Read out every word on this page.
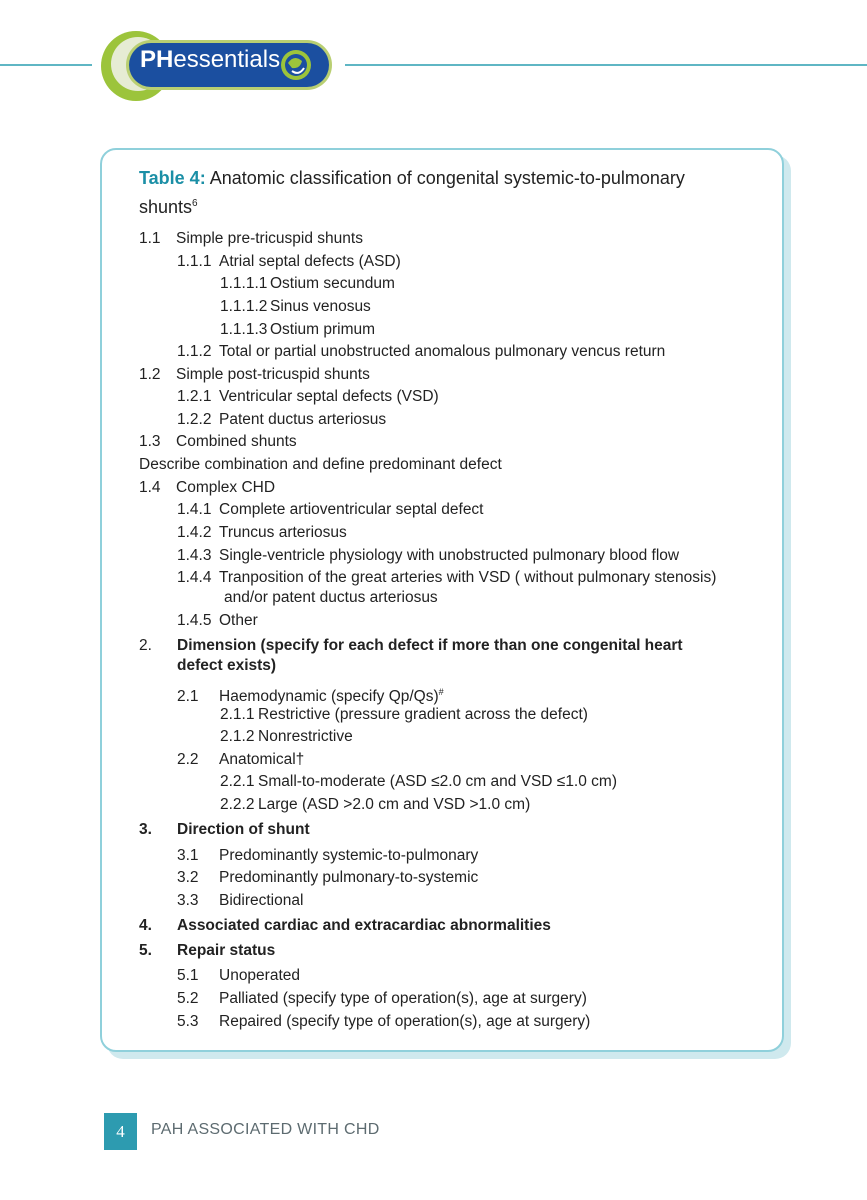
PHessentials
Table 4: Anatomic classification of congenital systemic-to-pulmonary shunts$^6$
1.1 Simple pre-tricuspid shunts
1.1.1 Atrial septal defects (ASD)
1.1.1.1 Ostium secundum
1.1.1.2 Sinus venosus
1.1.1.3 Ostium primum
1.1.2 Total or partial unobstructed anomalous pulmonary vencus return
1.2 Simple post-tricuspid shunts
1.2.1 Ventricular septal defects (VSD)
1.2.2 Patent ductus arteriosus
1.3 Combined shunts
Describe combination and define predominant defect
1.4 Complex CHD
1.4.1 Complete artioventricular septal defect
1.4.2 Truncus arteriosus
1.4.3 Single-ventricle physiology with unobstructed pulmonary blood flow
1.4.4 Tranposition of the great arteries with VSD ( without pulmonary stenosis)
and/or patent ductus arteriosus
1.4.5 Other
2. Dimension (specify for each defect if more than one congenital heart
defect exists)
2.1 Haemodynamic (specify Qp/Qs)#
2.1.1 Restrictive (pressure gradient across the defect)
2.1.2 Nonrestrictive
2.2 Anatomical†
2.2.1 Small-to-moderate (ASD ≤2.0 cm and VSD ≤1.0 cm)
2.2.2 Large (ASD >2.0 cm and VSD >1.0 cm)
3. Direction of shunt
3.1 Predominantly systemic-to-pulmonary
3.2 Predominantly pulmonary-to-systemic
3.3 Bidirectional
4. Associated cardiac and extracardiac abnormalities
5. Repair status
5.1 Unoperated
5.2 Palliated (specify type of operation(s), age at surgery)
5.3 Repaired (specify type of operation(s), age at surgery)
4	PAH ASSOCIATED WITH CHD
